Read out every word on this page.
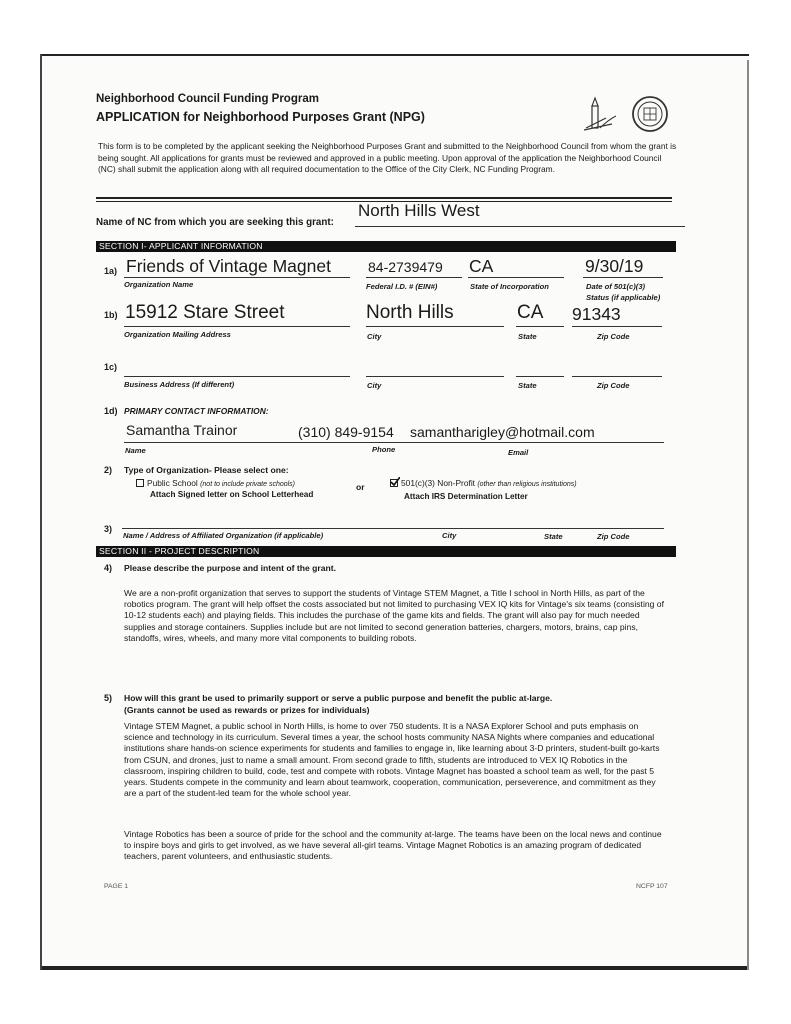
Neighborhood Council Funding Program
APPLICATION for Neighborhood Purposes Grant (NPG)
This form is to be completed by the applicant seeking the Neighborhood Purposes Grant and submitted to the Neighborhood Council from whom the grant is being sought. All applications for grants must be reviewed and approved in a public meeting. Upon approval of the application the Neighborhood Council (NC) shall submit the application along with all required documentation to the Office of the City Clerk, NC Funding Program.
Name of NC from which you are seeking this grant:
North Hills West
SECTION I- APPLICANT INFORMATION
1a) Friends of Vintage Magnet	84-2739479 CA	9/30/19
Organization Name	Federal I.D. # (EIN#)	State of Incorporation	Date of 501(c)(3)
Status (if applicable)
1b) 15912 Stare Street	North Hills	CA 91343
Organization Mailing Address	City	State	Zip Code
1c)
Business Address (If different)	City	State	Zip Code
1d) PRIMARY CONTACT INFORMATION:
Samantha Trainor	(310) 849-9154 samantharigley@hotmail.com
Name	Phone	Email
2) Type of Organization- Please select one:
Public School (not to include private schools)
Attach Signed letter on School Letterhead
or	501(c)(3) Non-Profit (other than religious institutions)
Attach IRS Determination Letter
3)
Name / Address of Affiliated Organization (if applicable)	City	State	Zip Code
SECTION II - PROJECT DESCRIPTION
4) Please describe the purpose and intent of the grant.
We are a non-profit organization that serves to support the students of Vintage STEM Magnet, a Title I school in North Hills, as part of the robotics program. The grant will help offset the costs associated but not limited to purchasing VEX IQ kits for Vintage's six teams (consisting of 10-12 students each) and playing fields. This includes the purchase of the game kits and fields. The grant will also pay for much needed supplies and storage containers. Supplies include but are not limited to second generation batteries, chargers, motors, brains, cap pins, standoffs, wires, wheels, and many more vital components to building robots.
5) How will this grant be used to primarily support or serve a public purpose and benefit the public at-large.
(Grants cannot be used as rewards or prizes for individuals)
Vintage STEM Magnet, a public school in North Hills, is home to over 750 students. It is a NASA Explorer School and puts emphasis on science and technology in its curriculum. Several times a year, the school hosts community NASA Nights where companies and educational institutions share hands-on science experiments for students and families to engage in, like learning about 3-D printers, student-built go-karts from CSUN, and drones, just to name a small amount. From second grade to fifth, students are introduced to VEX IQ Robotics in the classroom, inspiring children to build, code, test and compete with robots. Vintage Magnet has boasted a school team as well, for the past 5 years. Students compete in the community and learn about teamwork, cooperation, communication, perseverence, and commitment as they are a part of the student-led team for the whole school year.
Vintage Robotics has been a source of pride for the school and the community at-large. The teams have been on the local news and continue to inspire boys and girls to get involved, as we have several all-girl teams. Vintage Magnet Robotics is an amazing program of dedicated teachers, parent volunteers, and enthusiastic students.
PAGE 1	NCFP 107
